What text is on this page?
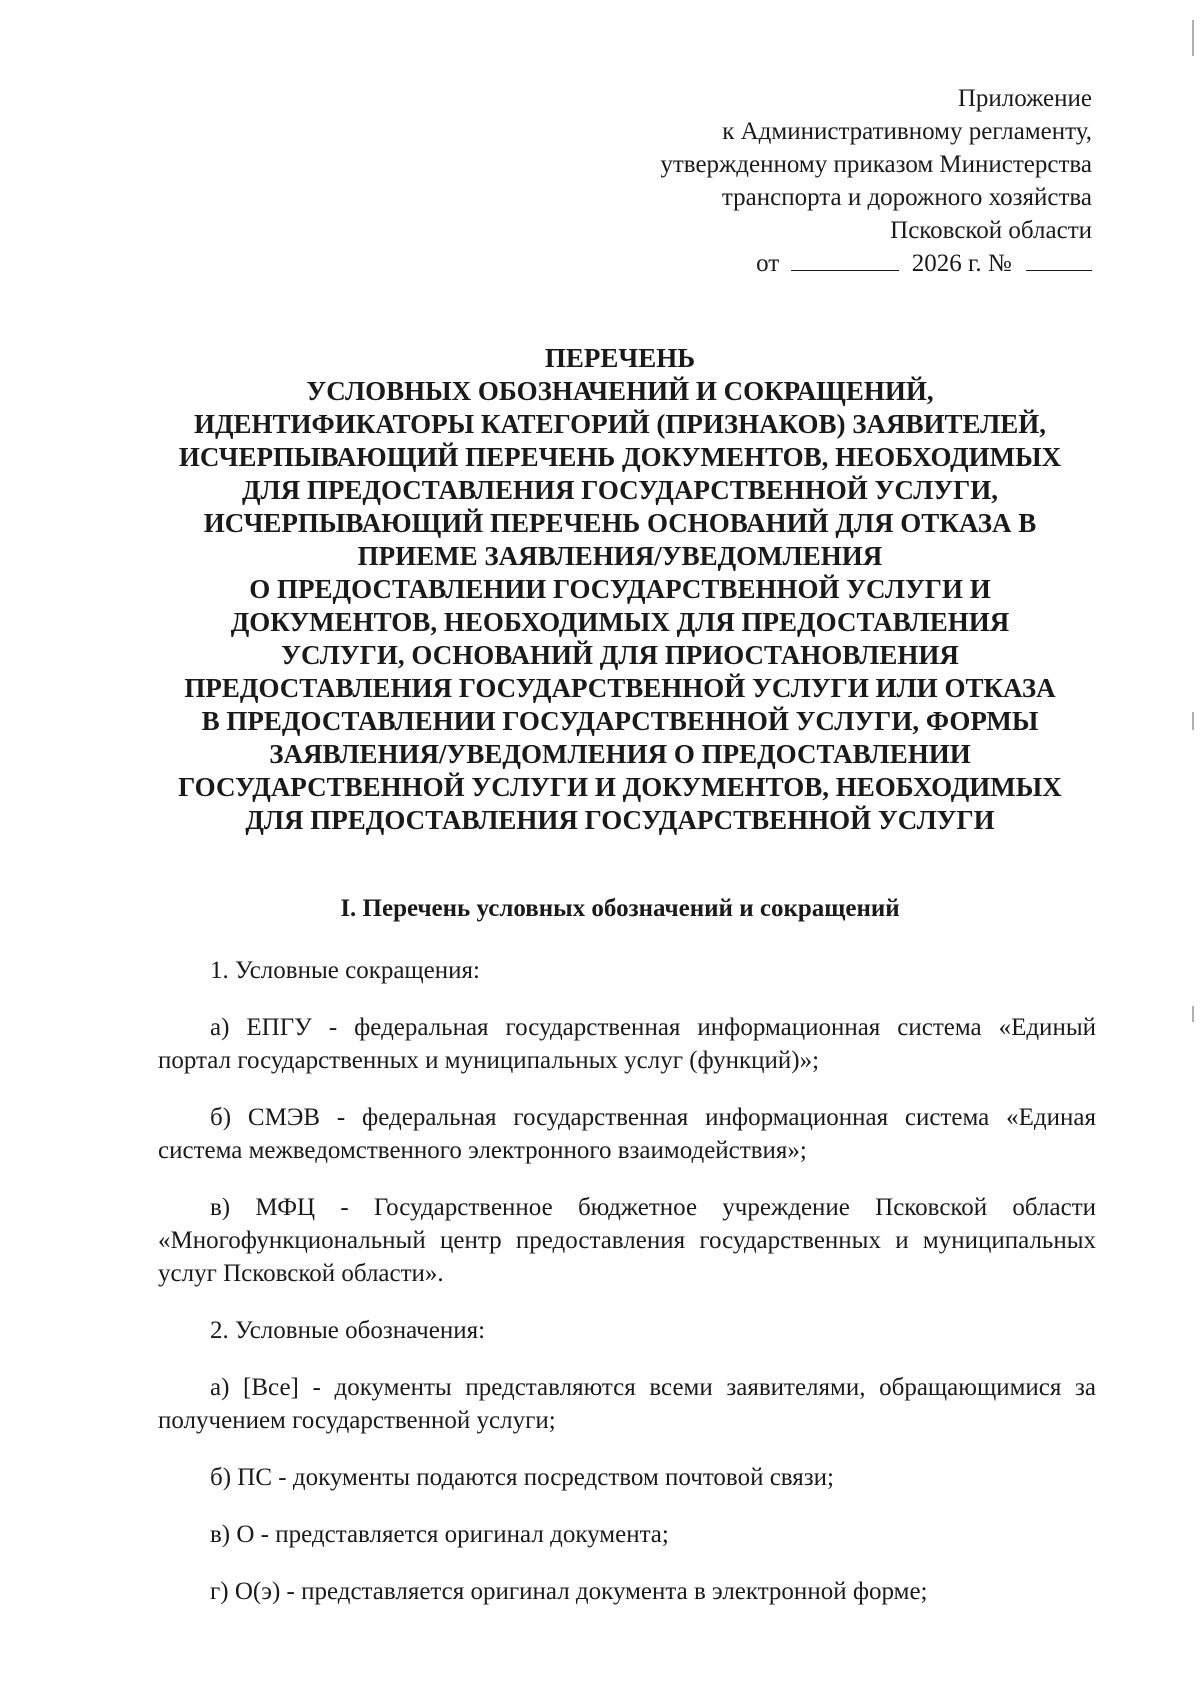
Приложение
к Административному регламенту,
утвержденному приказом Министерства
транспорта и дорожного хозяйства
Псковской области
от	2026 г. №
ПЕРЕЧЕНЬ
УСЛОВНЫХ ОБОЗНАЧЕНИЙ И СОКРАЩЕНИЙ,
ИДЕНТИФИКАТОРЫ КАТЕГОРИЙ (ПРИЗНАКОВ) ЗАЯВИТЕЛЕЙ,
ИСЧЕРПЫВАЮЩИЙ ПЕРЕЧЕНЬ ДОКУМЕНТОВ, НЕОБХОДИМЫХ
ДЛЯ ПРЕДОСТАВЛЕНИЯ ГОСУДАРСТВЕННОЙ УСЛУГИ,
ИСЧЕРПЫВАЮЩИЙ ПЕРЕЧЕНЬ ОСНОВАНИЙ ДЛЯ ОТКАЗА В
ПРИЕМЕ ЗАЯВЛЕНИЯ/УВЕДОМЛЕНИЯ
О ПРЕДОСТАВЛЕНИИ ГОСУДАРСТВЕННОЙ УСЛУГИ И
ДОКУМЕНТОВ, НЕОБХОДИМЫХ ДЛЯ ПРЕДОСТАВЛЕНИЯ
УСЛУГИ, ОСНОВАНИЙ ДЛЯ ПРИОСТАНОВЛЕНИЯ
ПРЕДОСТАВЛЕНИЯ ГОСУДАРСТВЕННОЙ УСЛУГИ ИЛИ ОТКАЗА
В ПРЕДОСТАВЛЕНИИ ГОСУДАРСТВЕННОЙ УСЛУГИ, ФОРМЫ
ЗАЯВЛЕНИЯ/УВЕДОМЛЕНИЯ О ПРЕДОСТАВЛЕНИИ
ГОСУДАРСТВЕННОЙ УСЛУГИ И ДОКУМЕНТОВ, НЕОБХОДИМЫХ
ДЛЯ ПРЕДОСТАВЛЕНИЯ ГОСУДАРСТВЕННОЙ УСЛУГИ
I. Перечень условных обозначений и сокращений

1. Условные сокращения:

а) ЕПГУ - федеральная государственная информационная система «Единый портал государственных и муниципальных услуг (функций)»;

б) СМЭВ - федеральная государственная информационная система «Единая система межведомственного электронного взаимодействия»;

в) МФЦ - Государственное бюджетное учреждение Псковской области «Многофункциональный центр предоставления государственных и муниципальных услуг Псковской области».

2. Условные обозначения:

а) [Все] - документы представляются всеми заявителями, обращающимися за получением государственной услуги;

б) ПС - документы подаются посредством почтовой связи;

в) О - представляется оригинал документа;

г) О(э) - представляется оригинал документа в электронной форме;
